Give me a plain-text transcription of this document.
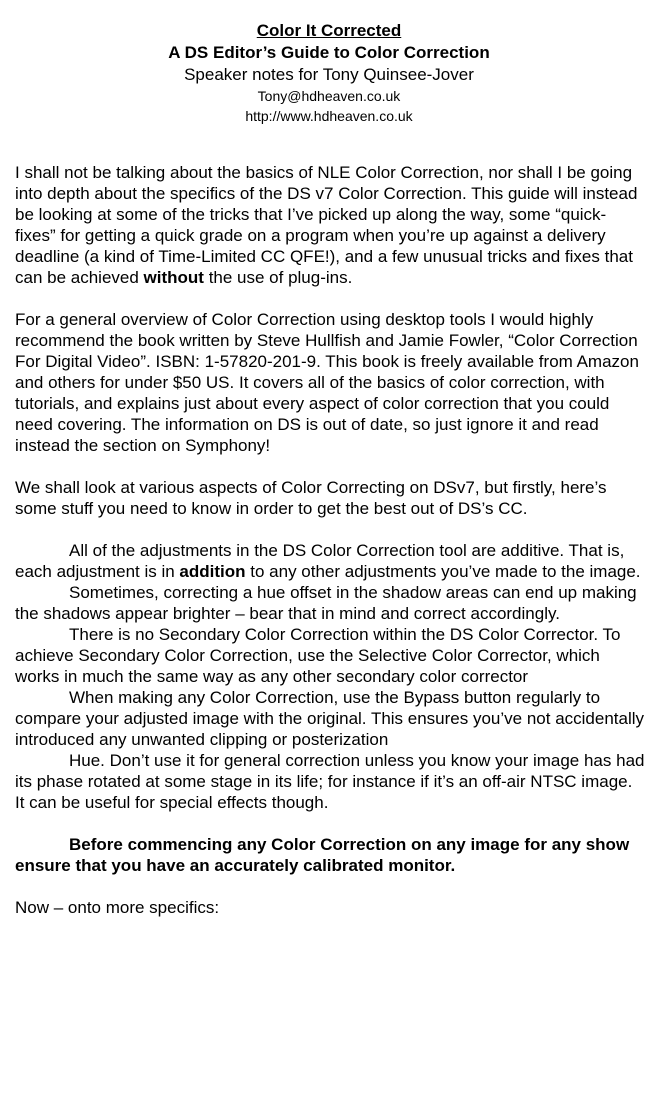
Color It Corrected
A DS Editor’s Guide to Color Correction
Speaker notes for Tony Quinsee-Jover
Tony@hdheaven.co.uk
http://www.hdheaven.co.uk

I shall not be talking about the basics of NLE Color Correction, nor shall I be going into depth about the specifics of the DS v7 Color Correction. This guide will instead be looking at some of the tricks that I’ve picked up along the way, some “quick-fixes” for getting a quick grade on a program when you’re up against a delivery deadline (a kind of Time-Limited CC QFE!), and a few unusual tricks and fixes that can be achieved without the use of plug-ins.

For a general overview of Color Correction using desktop tools I would highly recommend the book written by Steve Hullfish and Jamie Fowler, “Color Correction For Digital Video”. ISBN: 1-57820-201-9. This book is freely available from Amazon and others for under $50 US. It covers all of the basics of color correction, with tutorials, and explains just about every aspect of color correction that you could need covering. The information on DS is out of date, so just ignore it and read instead the section on Symphony!

We shall look at various aspects of Color Correcting on DSv7, but firstly, here’s some stuff you need to know in order to get the best out of DS’s CC.

All of the adjustments in the DS Color Correction tool are additive. That is, each adjustment is in addition to any other adjustments you’ve made to the image.

Sometimes, correcting a hue offset in the shadow areas can end up making the shadows appear brighter – bear that in mind and correct accordingly.

There is no Secondary Color Correction within the DS Color Corrector. To achieve Secondary Color Correction, use the Selective Color Corrector, which works in much the same way as any other secondary color corrector

When making any Color Correction, use the Bypass button regularly to compare your adjusted image with the original. This ensures you’ve not accidentally introduced any unwanted clipping or posterization

Hue. Don’t use it for general correction unless you know your image has had its phase rotated at some stage in its life; for instance if it’s an off-air NTSC image. It can be useful for special effects though.

Before commencing any Color Correction on any image for any show ensure that you have an accurately calibrated monitor.

Now – onto more specifics:
